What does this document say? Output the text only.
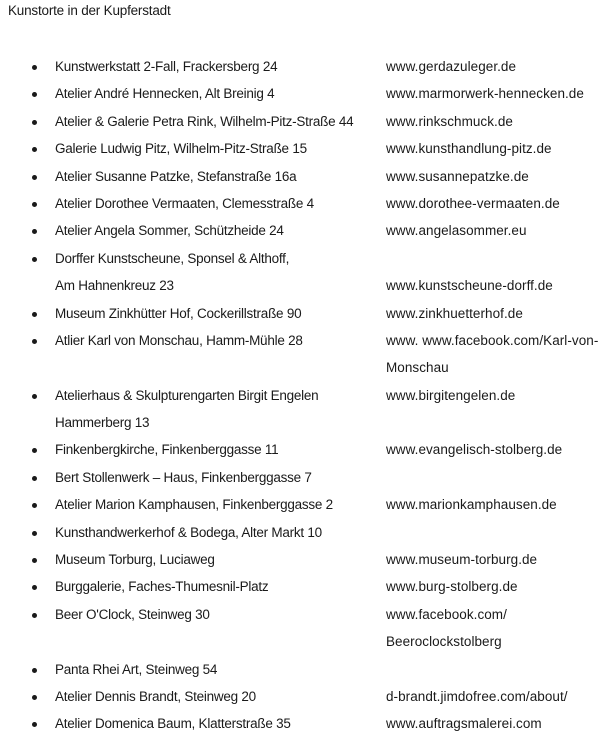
Kunstorte in der Kupferstadt
Kunstwerkstatt 2-Fall, Frackersberg 24	www.gerdazuleger.de
Atelier André Hennecken, Alt Breinig 4	www.marmorwerk-hennecken.de
Atelier & Galerie Petra Rink, Wilhelm-Pitz-Straße 44 www.rinkschmuck.de
Galerie Ludwig Pitz, Wilhelm-Pitz-Straße 15	www.kunsthandlung-pitz.de
Atelier Susanne Patzke, Stefanstraße 16a	www.susannepatzke.de
Atelier Dorothee Vermaaten, Clemesstraße 4	www.dorothee-vermaaten.de
Atelier Angela Sommer, Schützheide 24	www.angelasommer.eu
Dorffer Kunstscheune, Sponsel & Althoff,
Am Hahnenkreuz 23	www.kunstscheune-dorff.de
Museum Zinkhütter Hof, Cockerillstraße 90	www.zinkhuetterhof.de
Atlier Karl von Monschau, Hamm-Mühle 28	www. www.facebook.com/Karl-von-
Monschau
Atelierhaus & Skulpturengarten Birgit Engelen	www.birgitengelen.de
Hammerberg 13
Finkenbergkirche, Finkenberggasse 11	www.evangelisch-stolberg.de
Bert Stollenwerk – Haus, Finkenberggasse 7
Atelier Marion Kamphausen, Finkenberggasse 2	www.marionkamphausen.de
Kunsthandwerkerhof & Bodega, Alter Markt 10
Museum Torburg, Luciaweg	www.museum-torburg.de
Burggalerie, Faches-Thumesnil-Platz	www.burg-stolberg.de
Beer O'Clock, Steinweg 30	www.facebook.com/
Beeroclockstolberg
Panta Rhei Art, Steinweg 54
Atelier Dennis Brandt, Steinweg 20	d-brandt.jimdofree.com/about/
Atelier Domenica Baum, Klatterstraße 35	www.auftragsmalerei.com
